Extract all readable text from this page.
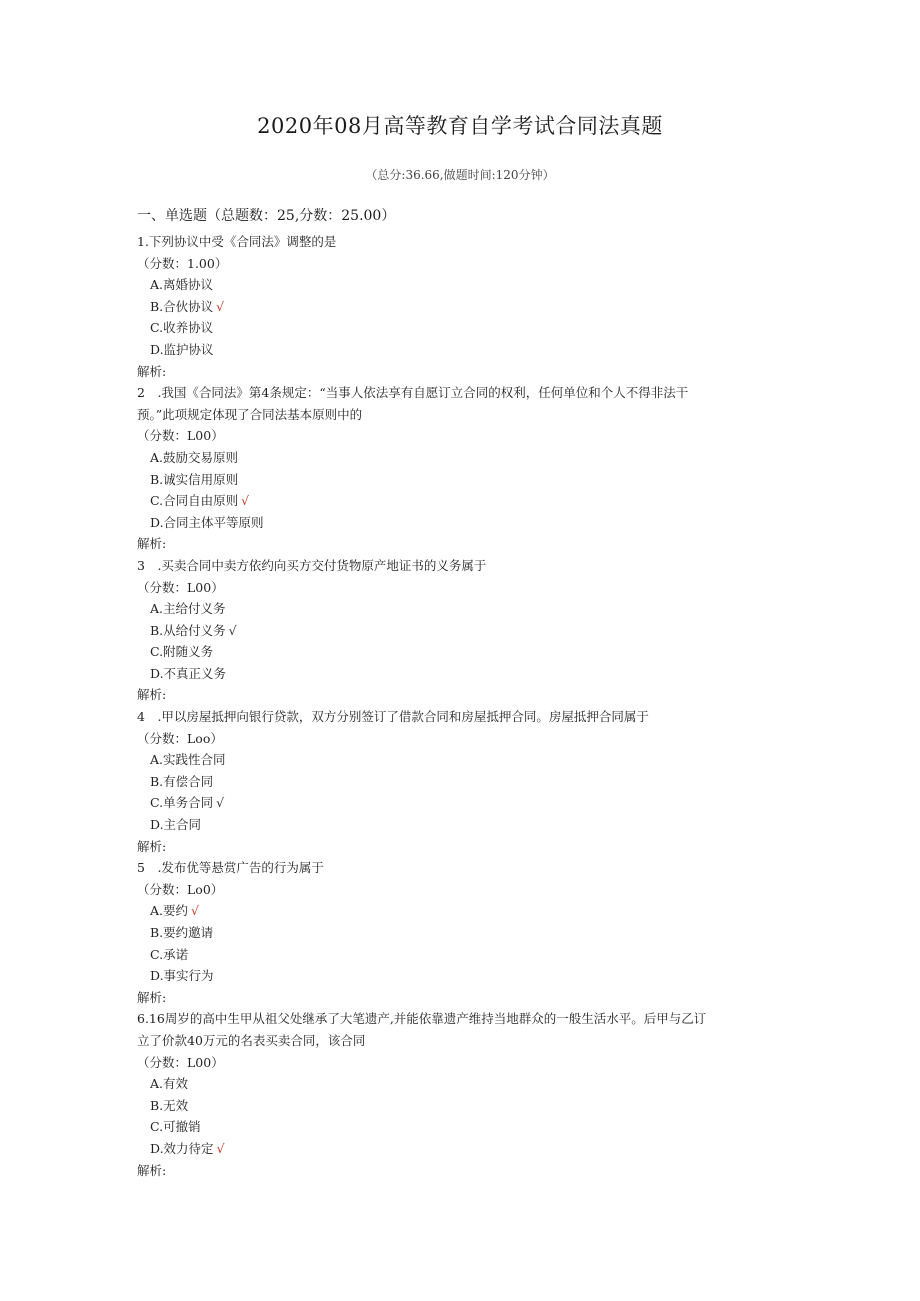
2020年08月高等教育自学考试合同法真题
（总分:36.66,做题时间:120分钟）
一、单选题（总题数：25,分数：25.00）
1.下列协议中受《合同法》调整的是
（分数：1.00）
A.离婚协议
B.合伙协议 √
C.收养协议
D.监护协议
解析:
2　.我国《合同法》第4条规定：“当事人依法享有自愿订立合同的权利，任何单位和个人不得非法干
预。”此项规定体现了合同法基本原则中的
（分数：L00）
A.鼓励交易原则
B.诚实信用原则
C.合同自由原则 √
D.合同主体平等原则
解析:
3　.买卖合同中卖方依约向买方交付货物原产地证书的义务属于
（分数：L00）
A.主给付义务
B.从给付义务 √
C.附随义务
D.不真正义务
解析:
4　.甲以房屋抵押向银行贷款，双方分别签订了借款合同和房屋抵押合同。房屋抵押合同属于
（分数：Loo）
A.实践性合同
B.有偿合同
C.单务合同 √
D.主合同
解析:
5　.发布优等悬赏广告的行为属于
（分数：Lo0）
A.要约 √
B.要约邀请
C.承诺
D.事实行为
解析:
6.16周岁的高中生甲从祖父处继承了大笔遗产,并能依靠遗产维持当地群众的一般生活水平。后甲与乙订
立了价款40万元的名表买卖合同，该合同
（分数：L00）
A.有效
B.无效
C.可撤销
D.效力待定 √
解析:
